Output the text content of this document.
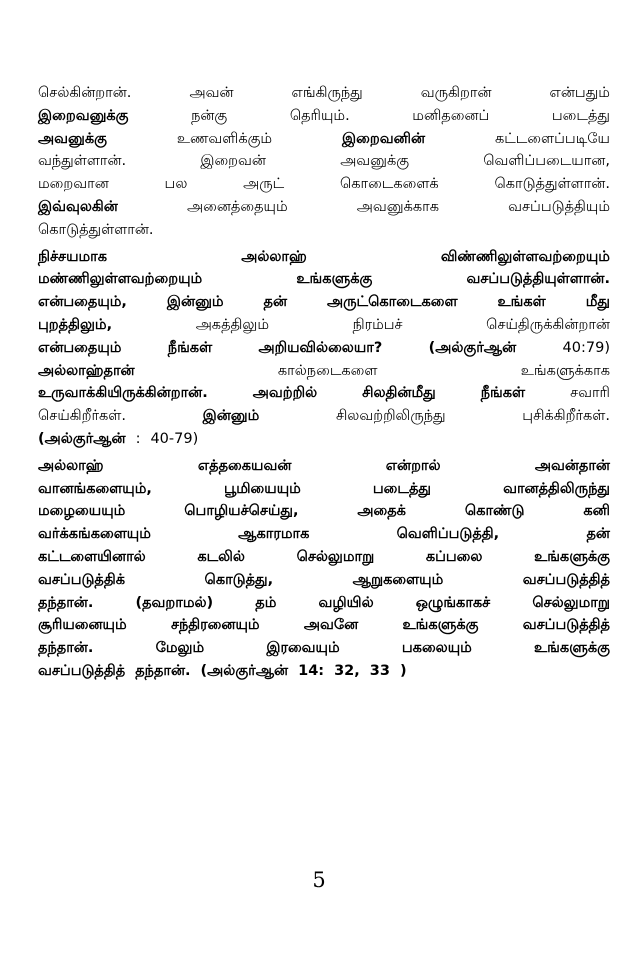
செல்கின்றான்.	அவன்	எங்கிருந்து	வருகிறான்	என்பதும்
இறைவனுக்கு	நன்கு	தெரியும்.	மனிதனைப்	படைத்து
அவனுக்கு	உணவளிக்கும்	இறைவனின்	கட்டளைப்படியே
வந்துள்ளான்.	இறைவன்	அவனுக்கு	வெளிப்படையான,
மறைவான	பல	அருட்	கொடைகளைக்	கொடுத்துள்ளான்.
இவ்வுலகின்	அனைத்தையும்	அவனுக்காக	வசப்படுத்தியும்
கொடுத்துள்ளான்.
நிச்சயமாக	அல்லாஹ்	விண்ணிலுள்ளவற்றையும்
மண்ணிலுள்ளவற்றையும்	உங்களுக்கு	வசப்படுத்தியுள்ளான்.
என்பதையும்,	இன்னும்	தன்	அருட்கொடைகளை	உங்கள்	மீது
புறத்திலும்,	அகத்திலும்	நிரம்பச்	செய்திருக்கின்றான்
என்பதையும்	நீங்கள்	அறியவில்லையா?	(அல்குர்ஆன்	40:79)
அல்லாஹ்தான்	கால்நடைகளை	உங்களுக்காக
உருவாக்கியிருக்கின்றான்.	அவற்றில்	சிலதின்மீது	நீங்கள்	சவாரி
செய்கிறீர்கள்.	இன்னும்	சிலவற்றிலிருந்து	புசிக்கிறீர்கள்.
(அல்குர்ஆன் : 40-79)
அல்லாஹ்	எத்தகையவன்	என்றால்	அவன்தான்
வானங்களையும்,	பூமியையும்	படைத்து	வானத்திலிருந்து
மழையையும்	பொழியச்செய்து,	அதைக்	கொண்டு	கனி
வர்க்கங்களையும்	ஆகாரமாக	வெளிப்படுத்தி,	தன்
கட்டளையினால்	கடலில்	செல்லுமாறு	கப்பலை	உங்களுக்கு
வசப்படுத்திக்	கொடுத்து,	ஆறுகளையும்	வசப்படுத்தித்
தந்தான்.	(தவறாமல்)	தம்	வழியில்	ஒழுங்காகச்	செல்லுமாறு
சூரியனையும்	சந்திரனையும்	அவனே	உங்களுக்கு	வசப்படுத்தித்
தந்தான்.	மேலும்	இரவையும்	பகலையும்	உங்களுக்கு
வசப்படுத்தித் தந்தான். (அல்குர்ஆன் 14: 32, 33 )
5
